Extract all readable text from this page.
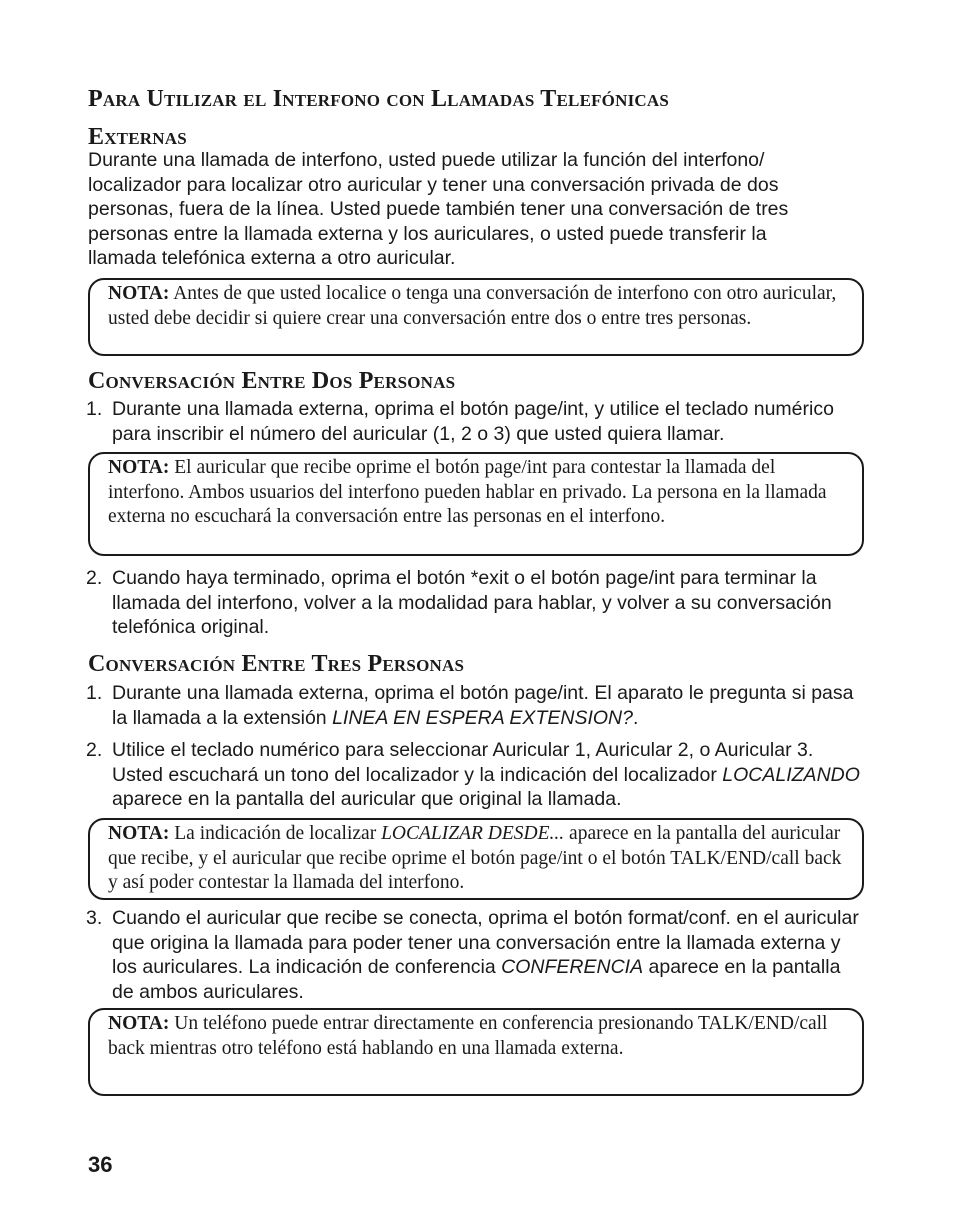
Para Utilizar el Interfono con Llamadas Telefónicas
Externas

Durante una llamada de interfono, usted puede utilizar la función del interfono/ localizador para localizar otro auricular y tener una conversación privada de dos personas, fuera de la línea. Usted puede también tener una conversación de tres personas entre la llamada externa y los auriculares, o usted puede transferir la llamada telefónica externa a otro auricular.

NOTA: Antes de que usted localice o tenga una conversación de interfono con otro auricular, usted debe decidir si quiere crear una conversación entre dos o entre tres personas.
Conversación Entre Dos Personas
1. Durante una llamada externa, oprima el botón page/int, y utilice el teclado numérico para inscribir el número del auricular (1, 2 o 3) que usted quiera llamar.
NOTA: El auricular que recibe oprime el botón page/int para contestar la llamada del interfono. Ambos usuarios del interfono pueden hablar en privado. La persona en la llamada externa no escuchará la conversación entre las personas en el interfono.
2. Cuando haya terminado, oprima el botón *exit o el botón page/int para terminar la llamada del interfono, volver a la modalidad para hablar, y volver a su conversación telefónica original.
Conversación Entre Tres Personas
1. Durante una llamada externa, oprima el botón page/int. El aparato le pregunta si pasa la llamada a la extensión LINEA EN ESPERA EXTENSION?.
2. Utilice el teclado numérico para seleccionar Auricular 1, Auricular 2, o Auricular 3. Usted escuchará un tono del localizador y la indicación del localizador LOCALIZANDO aparece en la pantalla del auricular que original la llamada.
NOTA: La indicación de localizar LOCALIZAR DESDE... aparece en la pantalla del auricular que recibe, y el auricular que recibe oprime el botón page/int o el botón TALK/END/call back y así poder contestar la llamada del interfono.
3. Cuando el auricular que recibe se conecta, oprima el botón format/conf. en el auricular que origina la llamada para poder tener una conversación entre la llamada externa y los auriculares. La indicación de conferencia CONFERENCIA aparece en la pantalla de ambos auriculares.
NOTA: Un teléfono puede entrar directamente en conferencia presionando TALK/END/call back mientras otro teléfono está hablando en una llamada externa.
36
